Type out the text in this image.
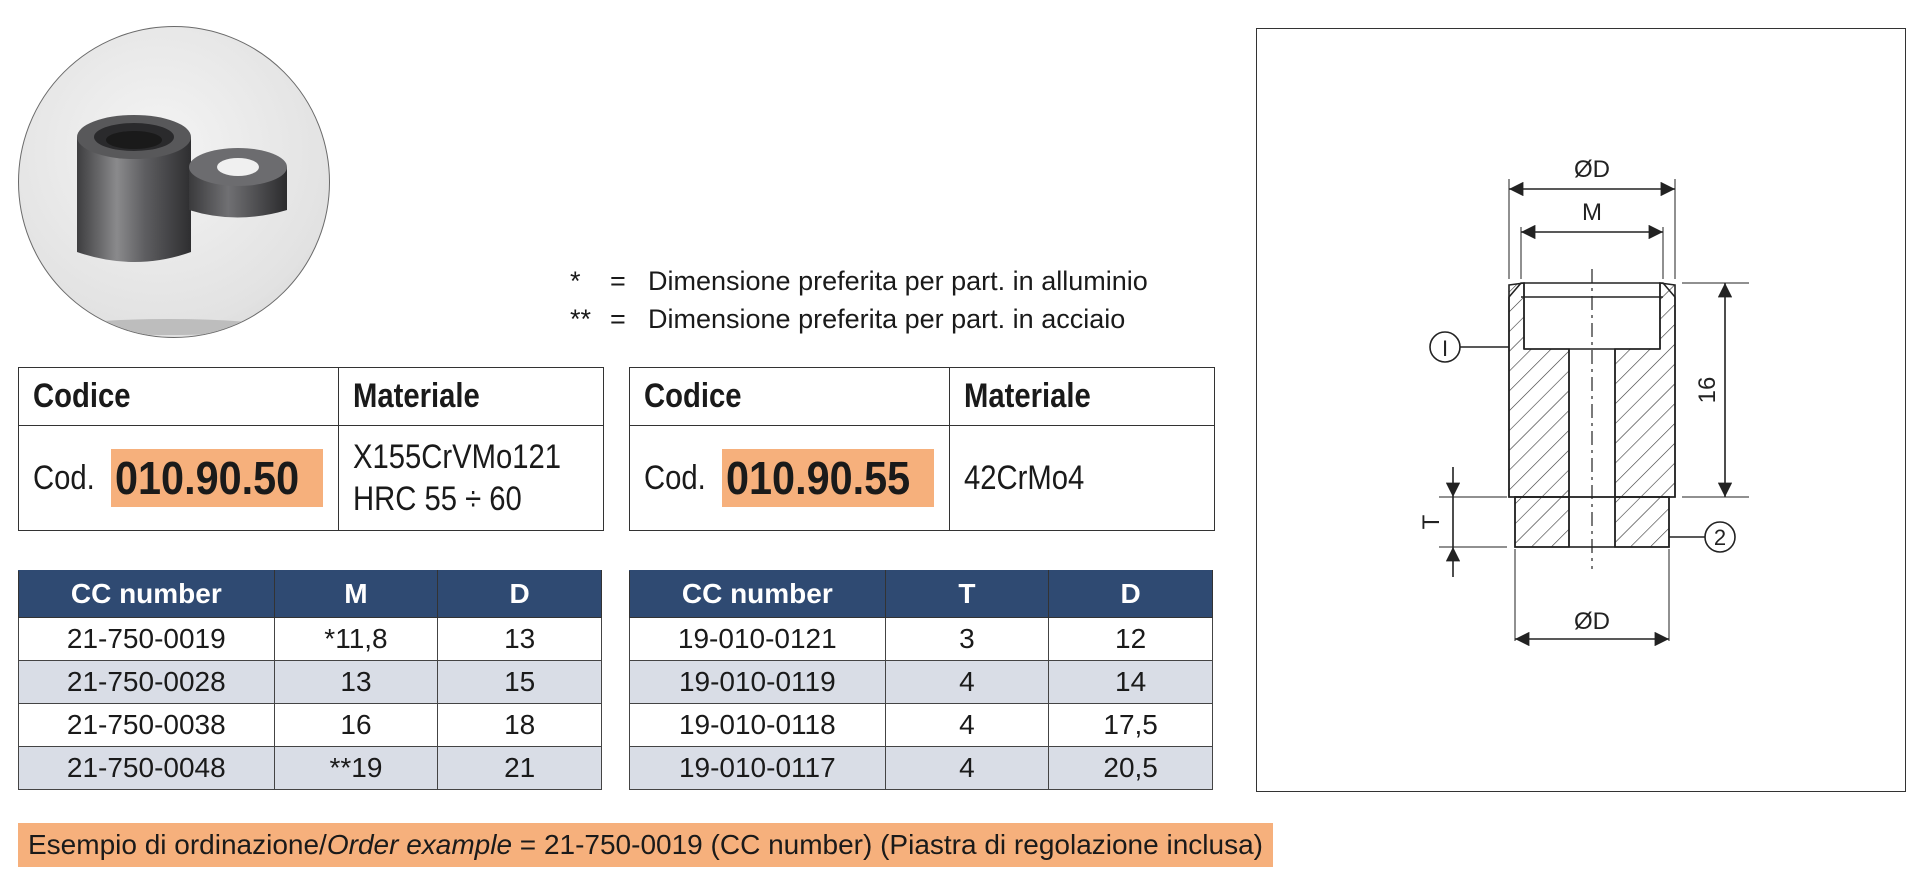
*	= Dimensione preferita per part. in alluminio
** = Dimensione preferita per part. in acciaio
Codice	Materiale
Cod. 010.90.50	X155CrVMo121
HRC 55 ÷ 60
Codice	Materiale
Cod. 010.90.55	42CrMo4
CC number	M	D
21-750-0019	*11,8	13
21-750-0028	13	15
21-750-0038	16	18
21-750-0048	**19	21
CC number	T	D
19-010-0121	3	12
19-010-0119	4	14
19-010-0118	4	17,5
19-010-0117	4	20,5
ØD
M
16
T
ØD
I
2
Esempio di ordinazione/Order example = 21-750-0019 (CC number) (Piastra di regolazione inclusa)
